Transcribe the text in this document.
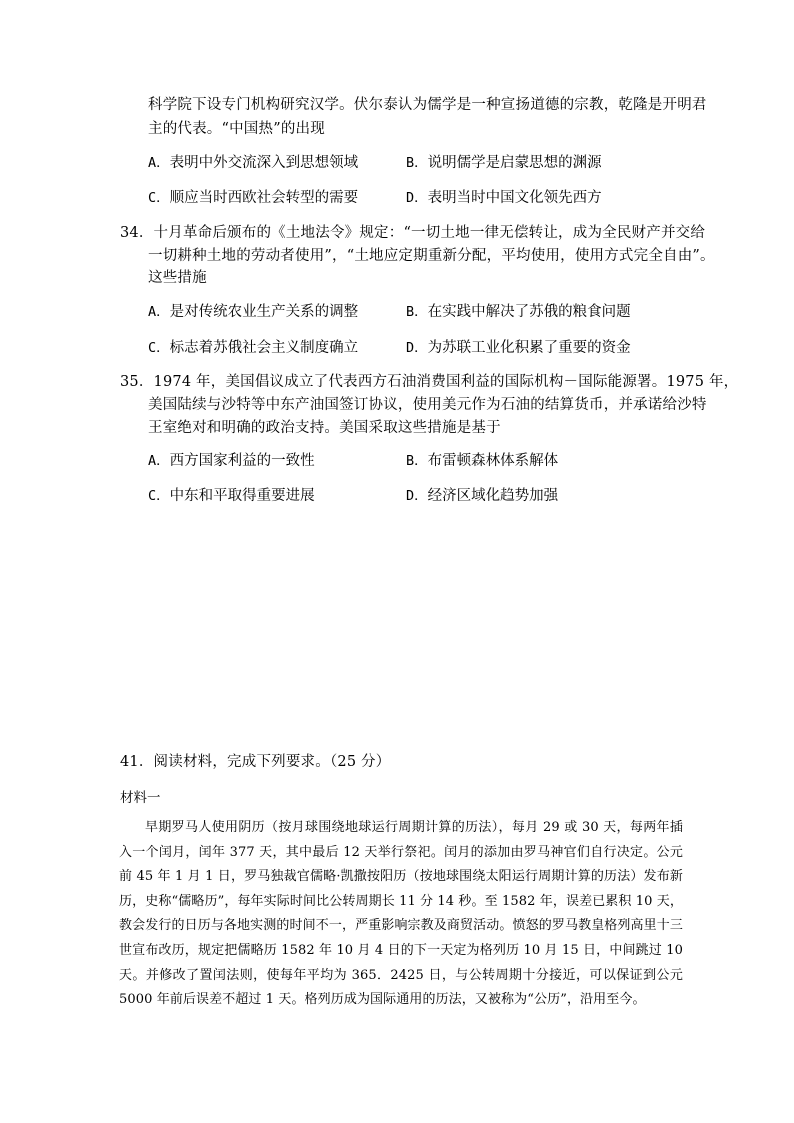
科学院下设专门机构研究汉学。伏尔泰认为儒学是一种宣扬道德的宗教，乾隆是开明君
主的代表。“中国热”的出现
A．表明中外交流深入到思想领域	B．说明儒学是启蒙思想的渊源
C．顺应当时西欧社会转型的需要	D．表明当时中国文化领先西方
34．十月革命后颁布的《土地法令》规定：“一切土地一律无偿转让，成为全民财产并交给
一切耕种土地的劳动者使用”，“土地应定期重新分配，平均使用，使用方式完全自由”。
这些措施
A．是对传统农业生产关系的调整	B．在实践中解决了苏俄的粮食问题
C．标志着苏俄社会主义制度确立	D．为苏联工业化积累了重要的资金
35．1974 年，美国倡议成立了代表西方石油消费国利益的国际机构－国际能源署。1975 年，
美国陆续与沙特等中东产油国签订协议，使用美元作为石油的结算货币，并承诺给沙特
王室绝对和明确的政治支持。美国采取这些措施是基于
A．西方国家利益的一致性	B．布雷顿森林体系解体
C．中东和平取得重要进展	D．经济区域化趋势加强
41．阅读材料，完成下列要求。（25 分）
材料一
早期罗马人使用阴历（按月球围绕地球运行周期计算的历法），每月 29 或 30 天，每两年插入一个闰月，闰年 377 天，其中最后 12 天举行祭祀。闰月的添加由罗马神官们自行决定。公元前 45 年 1 月 1 日，罗马独裁官儒略·凯撒按阳历（按地球围绕太阳运行周期计算的历法）发布新历，史称“儒略历”，每年实际时间比公转周期长 11 分 14 秒。至 1582 年，误差已累积 10 天，教会发行的日历与各地实测的时间不一，严重影响宗教及商贸活动。愤怒的罗马教皇格列高里十三世宣布改历，规定把儒略历 1582 年 10 月 4 日的下一天定为格列历 10 月 15 日，中间跳过 10 天。并修改了置闰法则，使每年平均为 365．2425 日，与公转周期十分接近，可以保证到公元 5000 年前后误差不超过 1 天。格列历成为国际通用的历法，又被称为“公历”，沿用至今。
